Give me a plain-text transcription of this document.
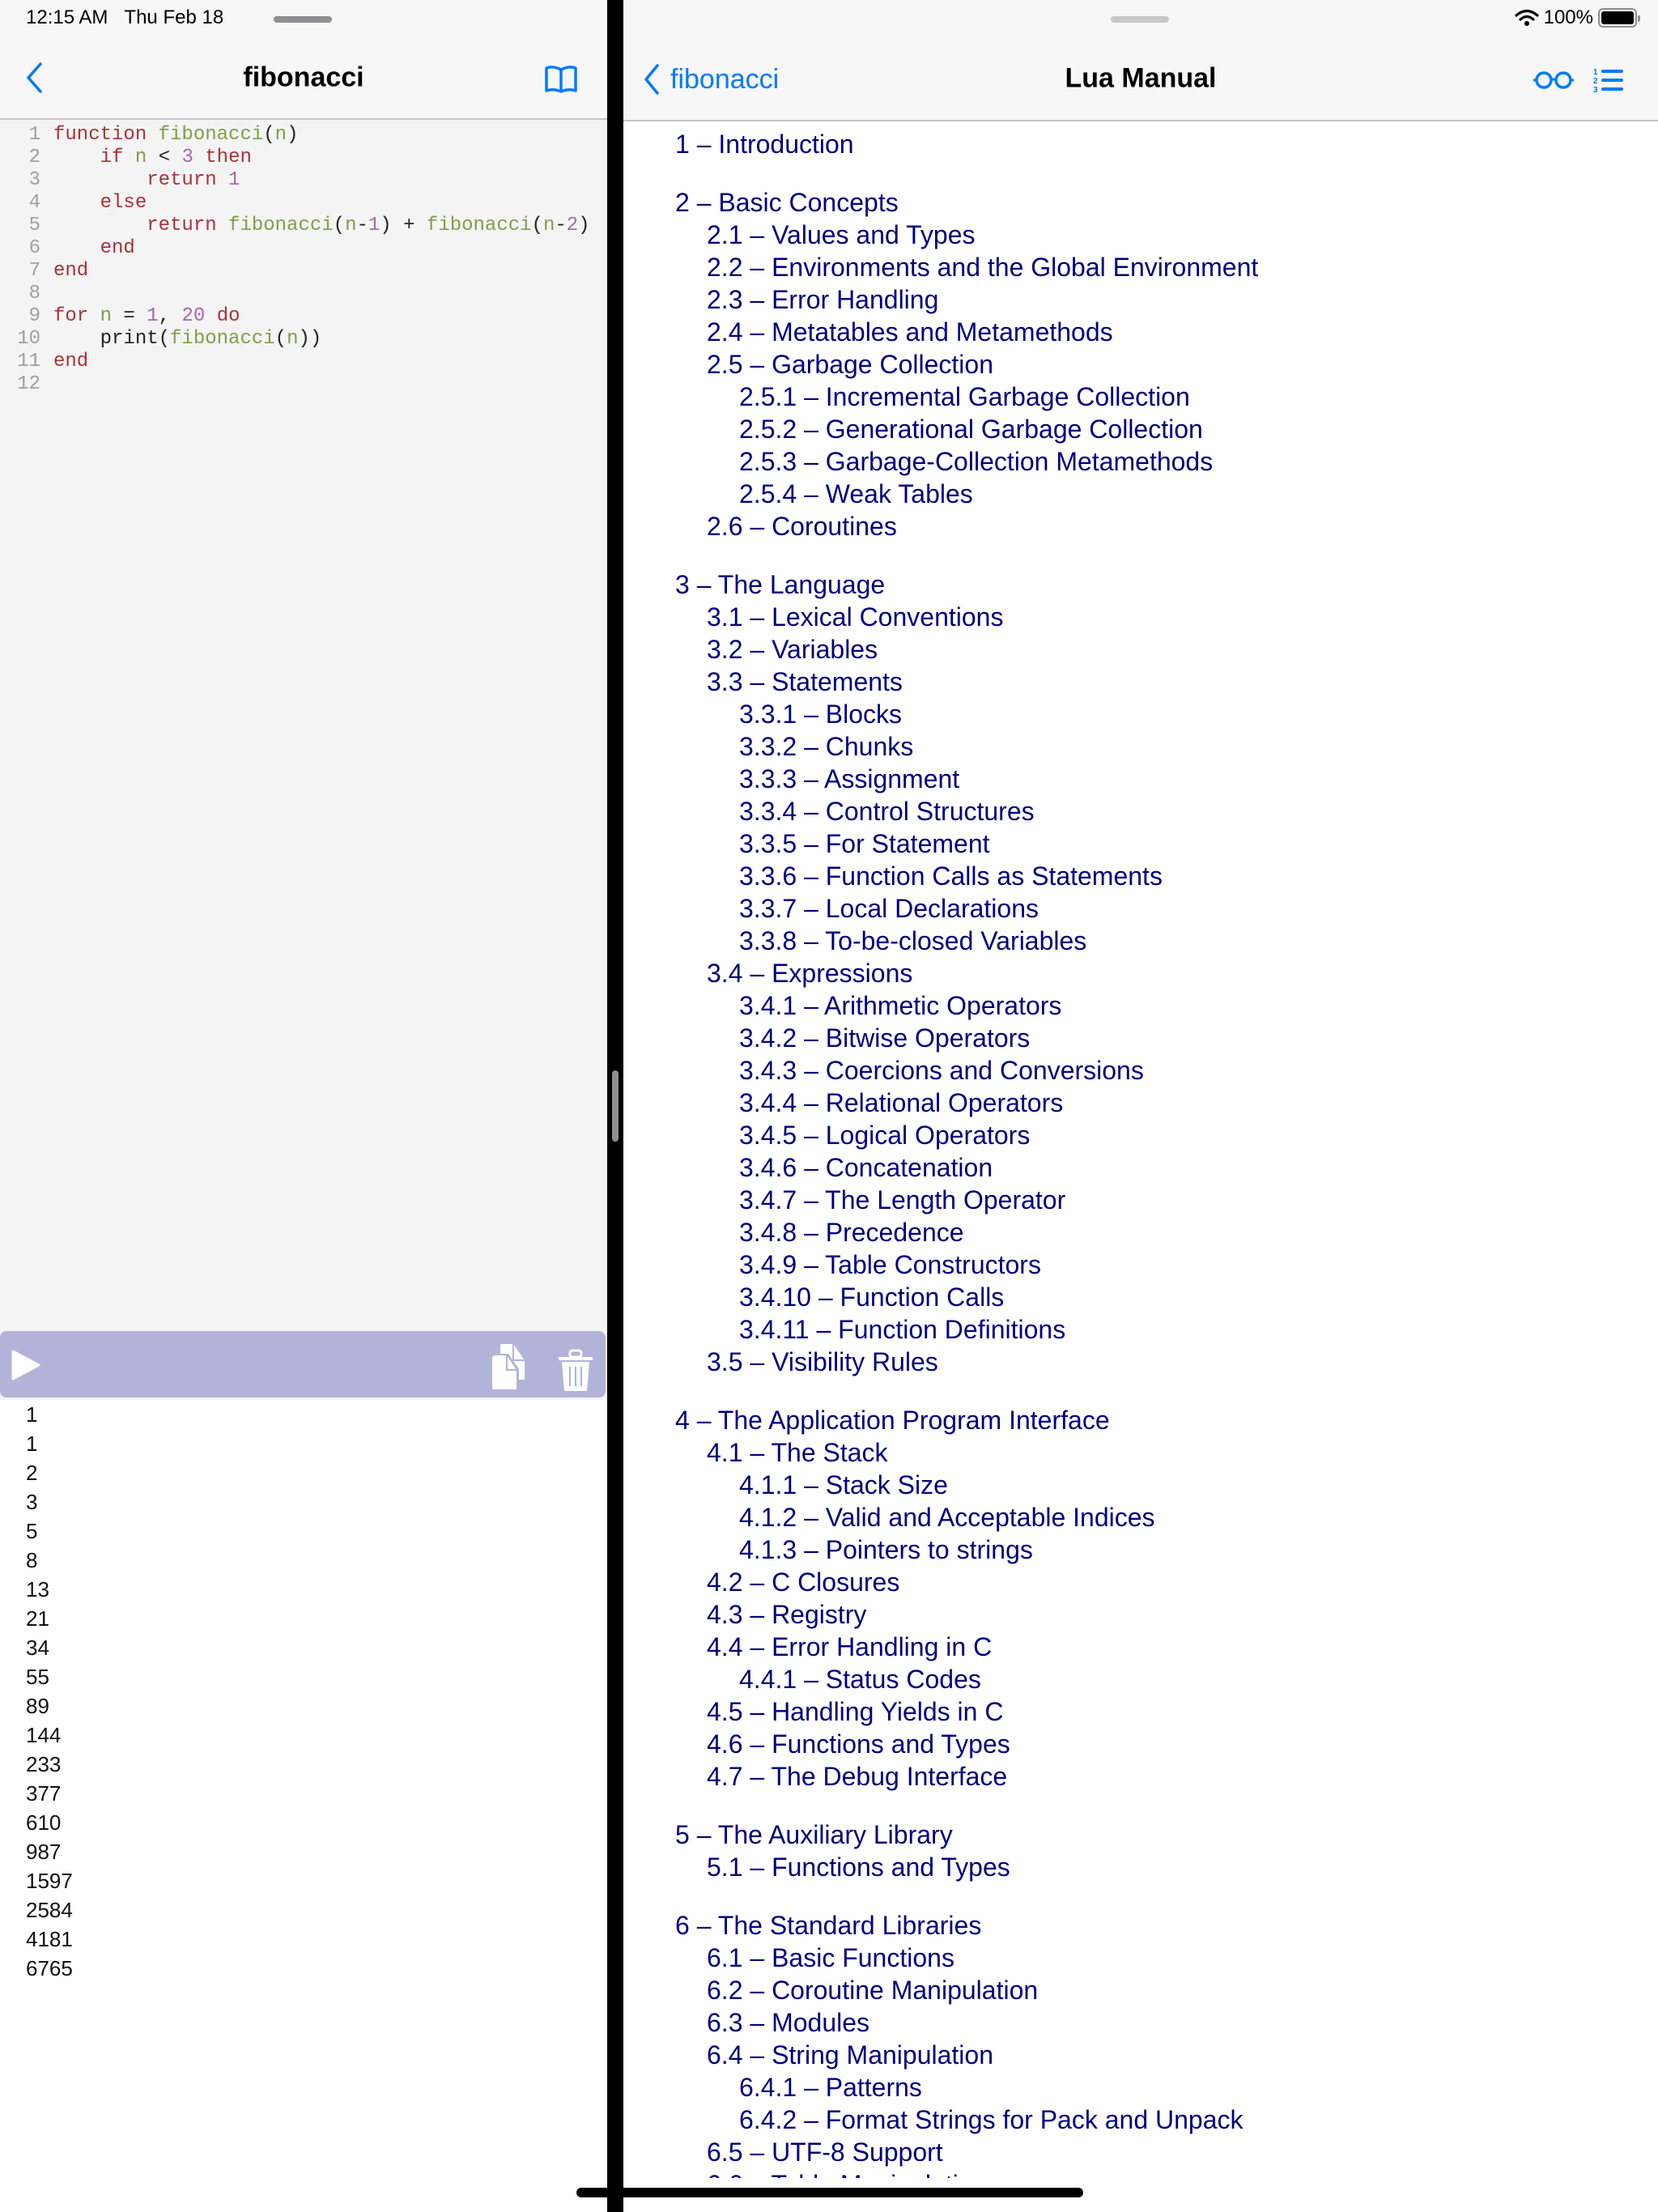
fibonacci
1 function fibonacci(n)
2	if n < 3 then
3	return 1
4	else
5	return fibonacci(n-1) + fibonacci(n-2)
6	end
7 end
8
9 for n = 1, 20 do
10 print(fibonacci(n))
11 end
12
1
1
2
3
5
8
13
21
34
55
89
144
233
377
610
987
1597
2584
4181
6765
fibonacci	Lua Manual	1
2
3
1 – Introduction
2 – Basic Concepts
2.1 – Values and Types
2.2 – Environments and the Global Environment
2.3 – Error Handling
2.4 – Metatables and Metamethods
2.5 – Garbage Collection
2.5.1 – Incremental Garbage Collection
2.5.2 – Generational Garbage Collection
2.5.3 – Garbage-Collection Metamethods
2.5.4 – Weak Tables
2.6 – Coroutines
3 – The Language
3.1 – Lexical Conventions
3.2 – Variables
3.3 – Statements
3.3.1 – Blocks
3.3.2 – Chunks
3.3.3 – Assignment
3.3.4 – Control Structures
3.3.5 – For Statement
3.3.6 – Function Calls as Statements
3.3.7 – Local Declarations
3.3.8 – To-be-closed Variables
3.4 – Expressions
3.4.1 – Arithmetic Operators
3.4.2 – Bitwise Operators
3.4.3 – Coercions and Conversions
3.4.4 – Relational Operators
3.4.5 – Logical Operators
3.4.6 – Concatenation
3.4.7 – The Length Operator
3.4.8 – Precedence
3.4.9 – Table Constructors
3.4.10 – Function Calls
3.4.11 – Function Definitions
3.5 – Visibility Rules
4 – The Application Program Interface
4.1 – The Stack
4.1.1 – Stack Size
4.1.2 – Valid and Acceptable Indices
4.1.3 – Pointers to strings
4.2 – C Closures
4.3 – Registry
4.4 – Error Handling in C
4.4.1 – Status Codes
4.5 – Handling Yields in C
4.6 – Functions and Types
4.7 – The Debug Interface
5 – The Auxiliary Library
5.1 – Functions and Types
6 – The Standard Libraries
6.1 – Basic Functions
6.2 – Coroutine Manipulation
6.3 – Modules
6.4 – String Manipulation
6.4.1 – Patterns
6.4.2 – Format Strings for Pack and Unpack
6.5 – UTF-8 Support
12:15 AM Thu Feb 18	100%
